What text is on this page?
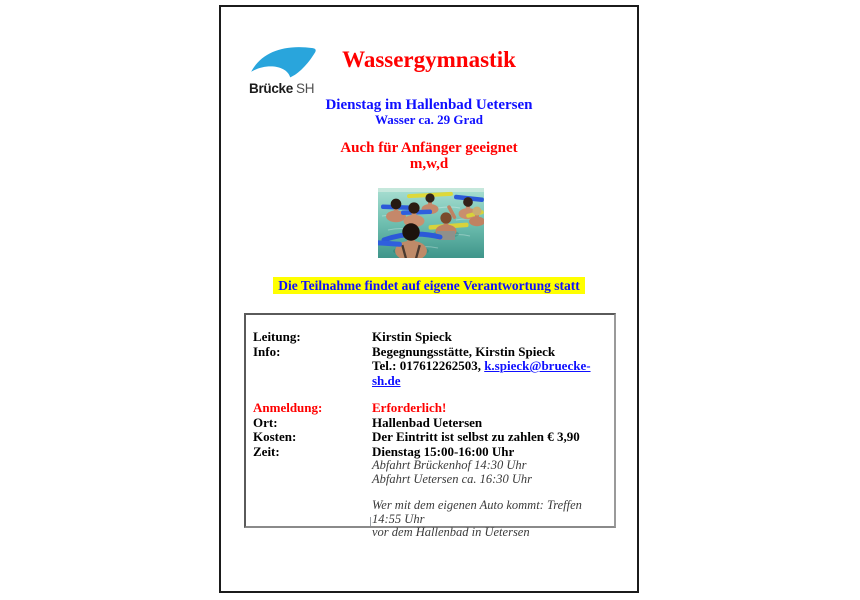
Brücke SH
Wassergymnastik
Dienstag im Hallenbad Uetersen
Wasser ca. 29 Grad
Auch für Anfänger geeignet
m,w,d
Die Teilnahme findet auf eigene Verantwortung statt
Leitung:	Kirstin Spieck
Info:	Begegnungsstätte, Kirstin Spieck
Tel.: 017612262503, k.spieck@bruecke-sh.de
Anmeldung:	Erforderlich!
Ort:	Hallenbad Uetersen
Kosten:	Der Eintritt ist selbst zu zahlen € 3,90
Zeit:	Dienstag 15:00-16:00 Uhr
Abfahrt Brückenhof 14:30 Uhr
Abfahrt Uetersen ca. 16:30 Uhr
Wer mit dem eigenen Auto kommt: Treffen 14:55 Uhr
vor dem Hallenbad in Uetersen
